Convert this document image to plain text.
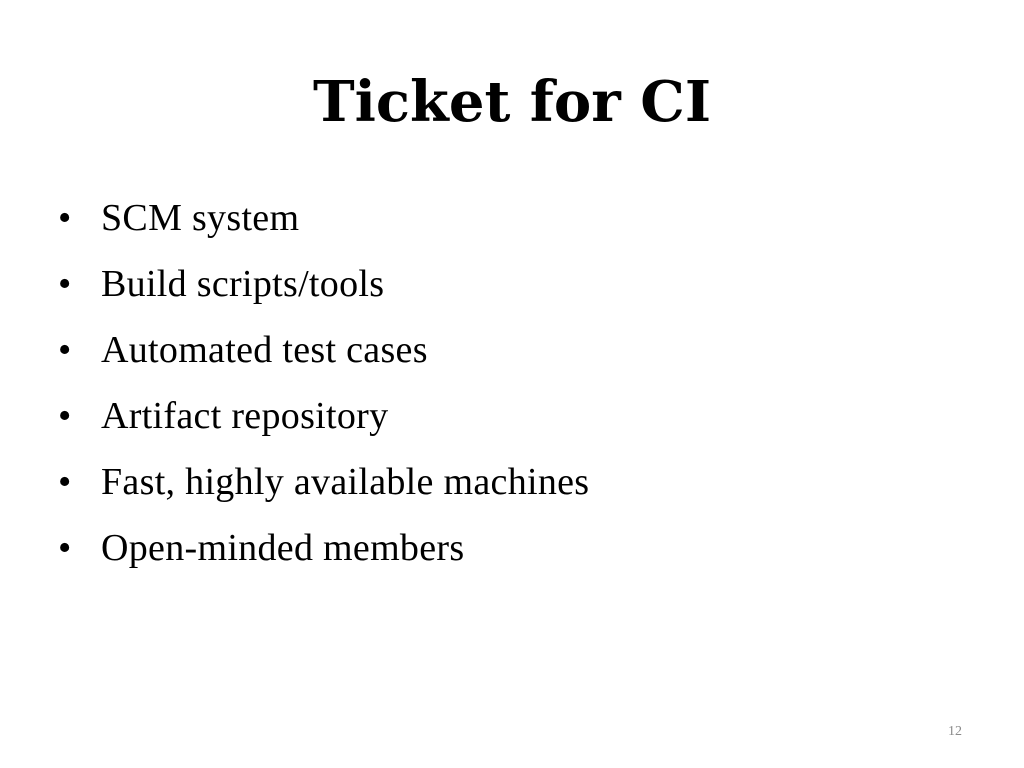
Ticket for CI
• SCM system
• Build scripts/tools
• Automated test cases
• Artifact repository
• Fast, highly available machines
• Open-minded members
12
